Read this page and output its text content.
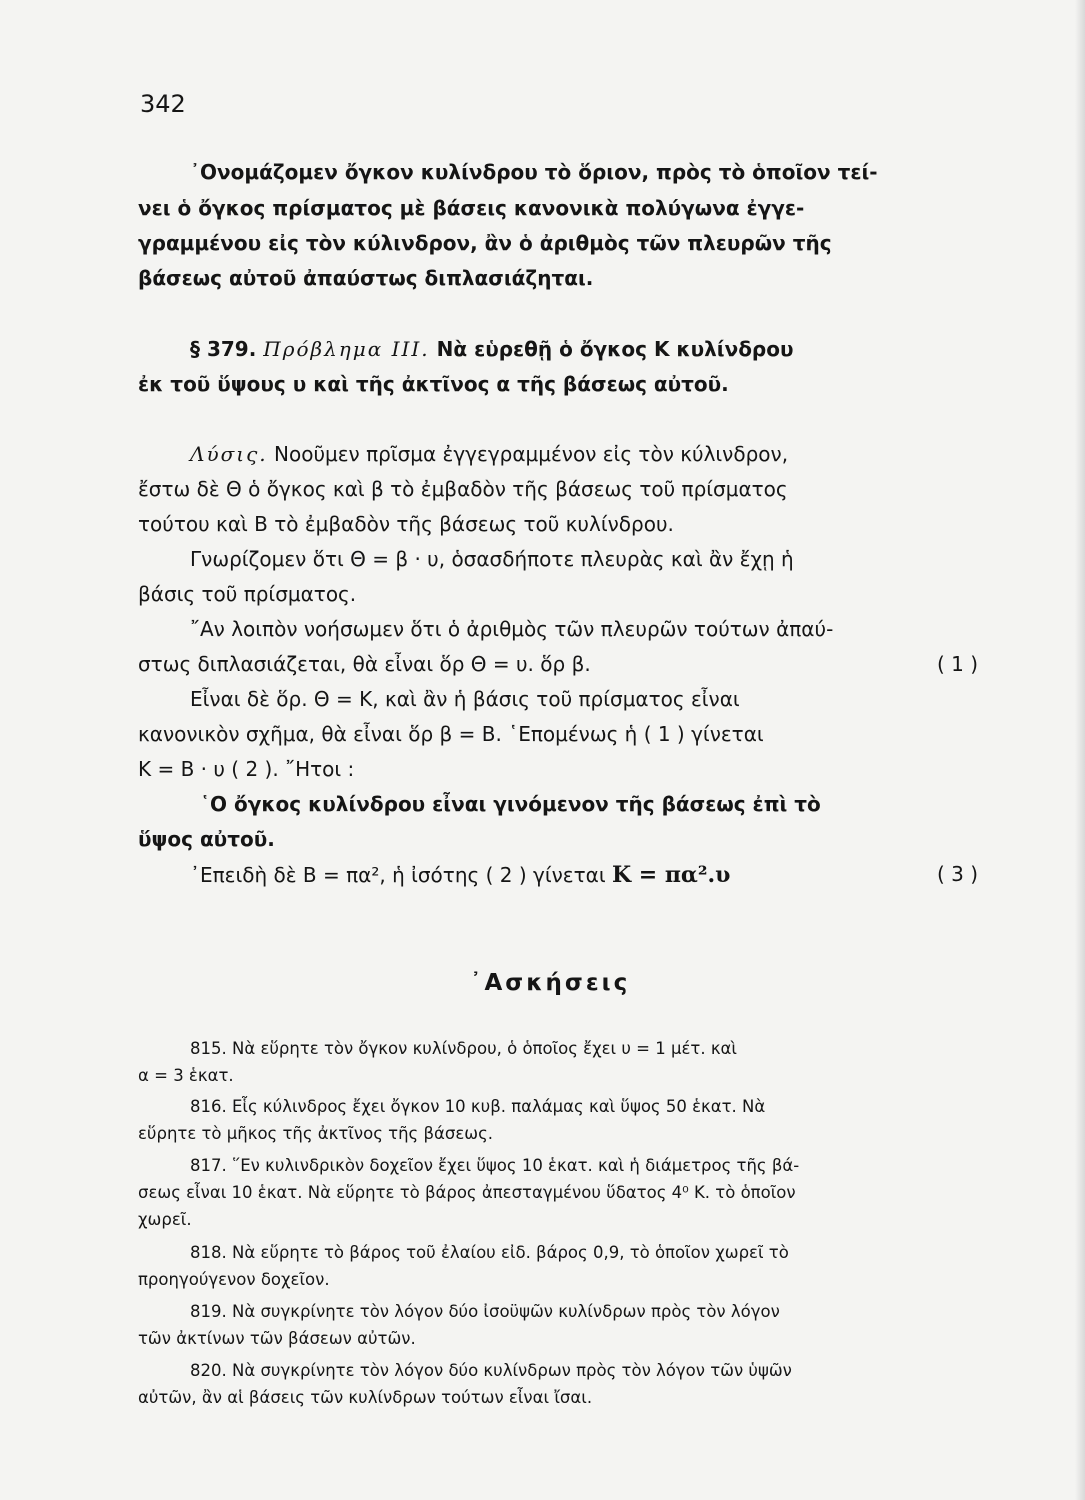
342
᾿Ονομάζομεν ὄγκον κυλίνδρου τὸ ὅριον, πρὸς τὸ ὁποῖον τεί-
νει ὁ ὄγκος πρίσματος μὲ βάσεις κανονικὰ πολύγωνα ἐγγε-
γραμμένου εἰς τὸν κύλινδρον, ἂν ὁ ἀριθμὸς τῶν πλευρῶν τῆς
βάσεως αὐτοῦ ἀπαύστως διπλασιάζηται.
§ 379. Πρόβλημα III. Νὰ εὑρεθῇ ὁ ὄγκος Κ κυλίνδρου
ἐκ τοῦ ὕψους υ καὶ τῆς ἀκτῖνος α τῆς βάσεως αὐτοῦ.
Λύσις. Νοοῦμεν πρῖσμα ἐγγεγραμμένον εἰς τὸν κύλινδρον,
ἔστω δὲ Θ ὁ ὄγκος καὶ β τὸ ἐμβαδὸν τῆς βάσεως τοῦ πρίσματος
τούτου καὶ Β τὸ ἐμβαδὸν τῆς βάσεως τοῦ κυλίνδρου.
Γνωρίζομεν ὅτι Θ = β · υ, ὁσασδήποτε πλευρὰς καὶ ἂν ἔχῃ ἡ
βάσις τοῦ πρίσματος.
῎Αν λοιπὸν νοήσωμεν ὅτι ὁ ἀριθμὸς τῶν πλευρῶν τούτων ἀπαύ-
στως διπλασιάζεται, θὰ εἶναι ὅρ Θ = υ. ὅρ β.	( 1 )
Εἶναι δὲ ὅρ. Θ = Κ, καὶ ἂν ἡ βάσις τοῦ πρίσματος εἶναι
κανονικὸν σχῆμα, θὰ εἶναι ὅρ β = Β. ῾Επομένως ἡ ( 1 ) γίνεται
Κ = Β · υ ( 2 ). ῎Ητοι :
῾Ο ὄγκος κυλίνδρου εἶναι γινόμενον τῆς βάσεως ἐπὶ τὸ
ὕψος αὐτοῦ.
᾿Επειδὴ δὲ Β = πα², ἡ ἰσότης ( 2 ) γίνεται Κ = πα².υ	( 3 )
᾿Ασκήσεις
815. Νὰ εὕρητε τὸν ὄγκον κυλίνδρου, ὁ ὁποῖος ἔχει υ = 1 μέτ. καὶ
α = 3 ἑκατ.
816. Εἷς κύλινδρος ἔχει ὄγκον 10 κυβ. παλάμας καὶ ὕψος 50 ἑκατ. Νὰ
εὕρητε τὸ μῆκος τῆς ἀκτῖνος τῆς βάσεως.
817. ῞Εν κυλινδρικὸν δοχεῖον ἔχει ὕψος 10 ἑκατ. καὶ ἡ διάμετρος τῆς βά-
σεως εἶναι 10 ἑκατ. Νὰ εὕρητε τὸ βάρος ἀπεσταγμένου ὕδατος 4⁰ Κ. τὸ ὁποῖον
χωρεῖ.
818. Νὰ εὕρητε τὸ βάρος τοῦ ἐλαίου εἰδ. βάρος 0,9, τὸ ὁποῖον χωρεῖ τὸ
προηγούγενον δοχεῖον.
819. Νὰ συγκρίνητε τὸν λόγον δύο ἰσοϋψῶν κυλίνδρων πρὸς τὸν λόγον
τῶν ἀκτίνων τῶν βάσεων αὐτῶν.
820. Νὰ συγκρίνητε τὸν λόγον δύο κυλίνδρων πρὸς τὸν λόγον τῶν ὑψῶν
αὐτῶν, ἂν αἱ βάσεις τῶν κυλίνδρων τούτων εἶναι ἴσαι.
